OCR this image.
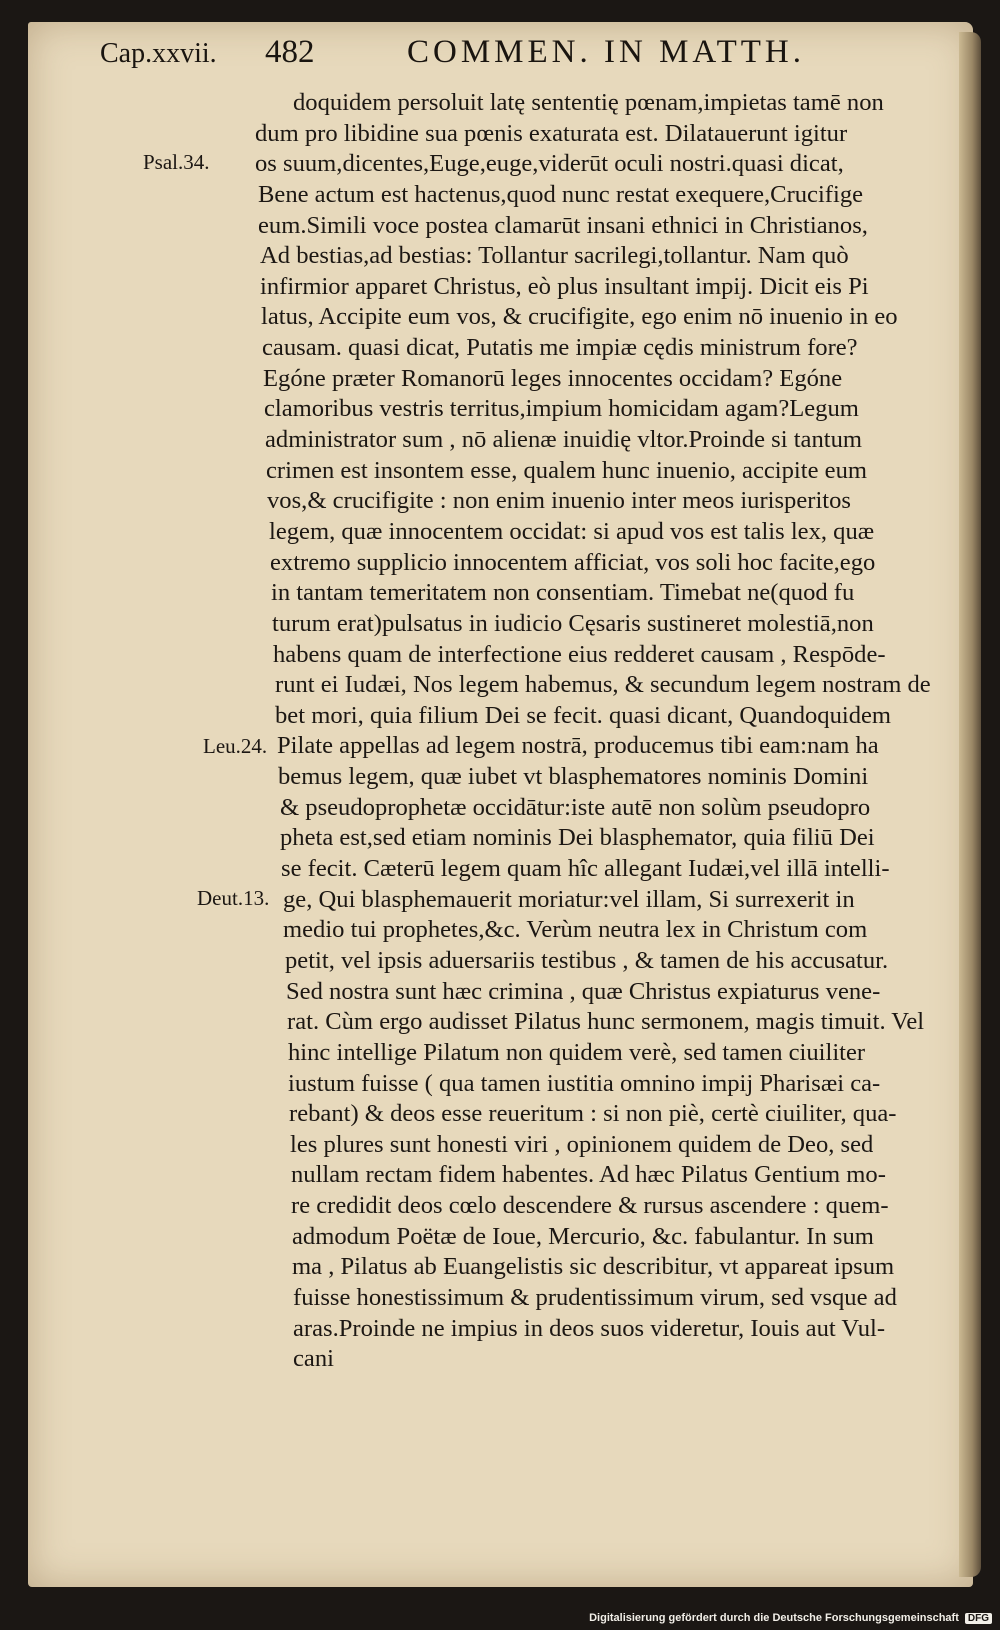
Cap.xxvii. 482	COMMEN. IN MATTH.
Psal.34.
Leu.24.
Deut.13.
doquidem persoluit latę sententię pœnam,impietas tamē non
dum pro libidine sua pœnis exaturata est. Dilatauerunt igitur
os suum,dicentes,Euge,euge,viderūt oculi nostri.quasi dicat,
Bene actum est hactenus,quod nunc restat exequere,Crucifige
eum.Simili voce postea clamarūt insani ethnici in Christianos,
Ad bestias,ad bestias: Tollantur sacrilegi,tollantur. Nam quò
infirmior apparet Christus, eò plus insultant impij. Dicit eis Pi
latus, Accipite eum vos, & crucifigite, ego enim nō inuenio in eo
causam. quasi dicat, Putatis me impiæ cędis ministrum fore?
Egóne præter Romanorū leges innocentes occidam? Egóne
clamoribus vestris territus,impium homicidam agam?Legum
administrator sum , nō alienæ inuidię vltor.Proinde si tantum
crimen est insontem esse, qualem hunc inuenio, accipite eum
vos,& crucifigite : non enim inuenio inter meos iurisperitos
legem, quæ innocentem occidat: si apud vos est talis lex, quæ
extremo supplicio innocentem afficiat, vos soli hoc facite,ego
in tantam temeritatem non consentiam. Timebat ne(quod fu
turum erat)pulsatus in iudicio Cęsaris sustineret molestiā,non
habens quam de interfectione eius redderet causam , Respōde-
runt ei Iudæi, Nos legem habemus, & secundum legem nostram de
bet mori, quia filium Dei se fecit. quasi dicant, Quandoquidem
Pilate appellas ad legem nostrā, producemus tibi eam:nam ha
bemus legem, quæ iubet vt blasphematores nominis Domini
& pseudoprophetæ occidātur:iste autē non solùm pseudopro
pheta est,sed etiam nominis Dei blasphemator, quia filiū Dei
se fecit. Cæterū legem quam hîc allegant Iudæi,vel illā intelli-
ge, Qui blasphemauerit moriatur:vel illam, Si surrexerit in
medio tui prophetes,&c. Verùm neutra lex in Christum com
petit, vel ipsis aduersariis testibus , & tamen de his accusatur.
Sed nostra sunt hæc crimina , quæ Christus expiaturus vene-
rat. Cùm ergo audisset Pilatus hunc sermonem, magis timuit. Vel
hinc intellige Pilatum non quidem verè, sed tamen ciuiliter
iustum fuisse ( qua tamen iustitia omnino impij Pharisæi ca-
rebant) & deos esse reueritum : si non piè, certè ciuiliter, qua-
les plures sunt honesti viri , opinionem quidem de Deo, sed
nullam rectam fidem habentes. Ad hæc Pilatus Gentium mo-
re credidit deos cœlo descendere & rursus ascendere : quem-
admodum Poëtæ de Ioue, Mercurio, &c. fabulantur. In sum
ma , Pilatus ab Euangelistis sic describitur, vt appareat ipsum
fuisse honestissimum & prudentissimum virum, sed vsque ad
aras.Proinde ne impius in deos suos videretur, Iouis aut Vul-
cani
Digitalisierung gefördert durch die Deutsche Forschungsgemeinschaft DFG
